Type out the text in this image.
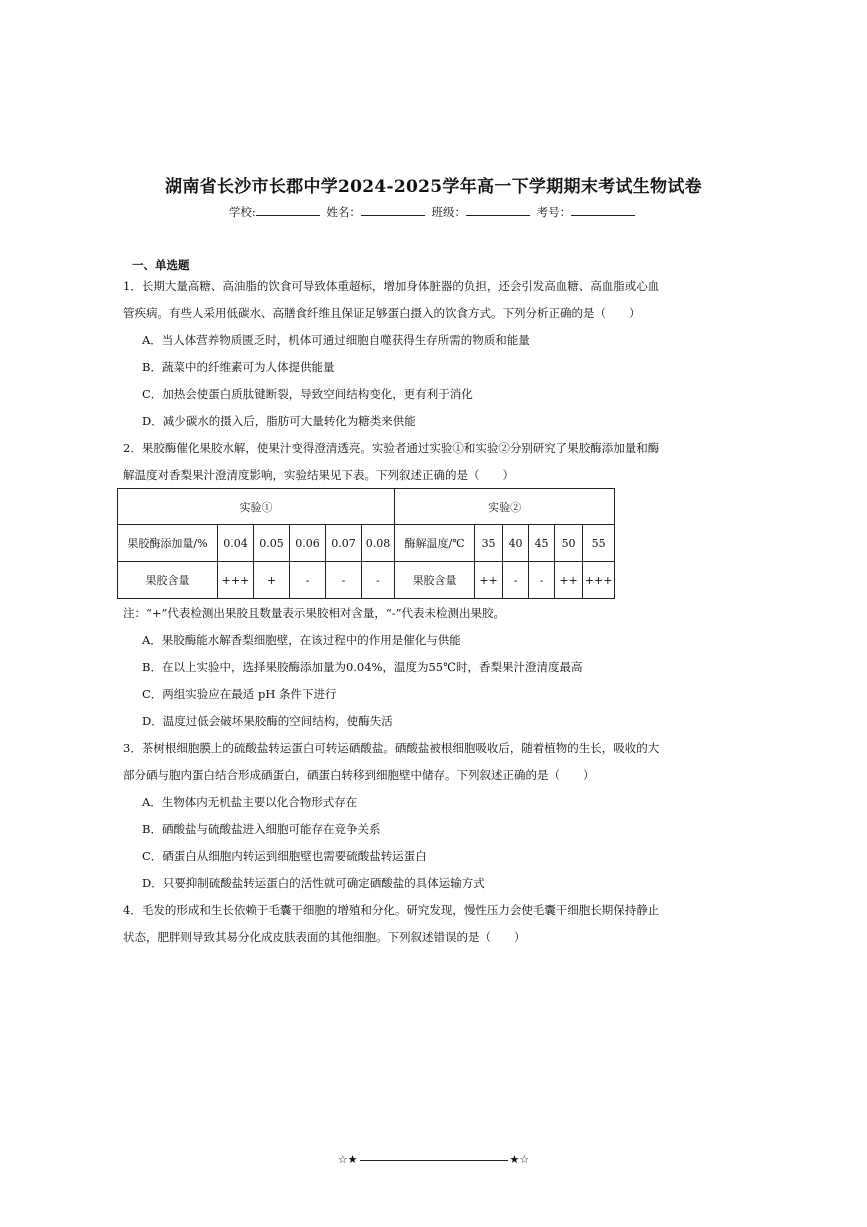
湖南省长沙市长郡中学2024-2025学年高一下学期期末考试生物试卷
学校:	姓名：	班级：	考号：
一、单选题
1．长期大量高糖、高油脂的饮食可导致体重超标，增加身体脏器的负担，还会引发高血糖、高血脂或心血
管疾病。有些人采用低碳水、高膳食纤维且保证足够蛋白摄入的饮食方式。下列分析正确的是（　　）
A．当人体营养物质匮乏时，机体可通过细胞自噬获得生存所需的物质和能量
B．蔬菜中的纤维素可为人体提供能量
C．加热会使蛋白质肽键断裂，导致空间结构变化，更有利于消化
D．减少碳水的摄入后，脂肪可大量转化为糖类来供能
2．果胶酶催化果胶水解，使果汁变得澄清透亮。实验者通过实验①和实验②分别研究了果胶酶添加量和酶
解温度对香梨果汁澄清度影响，实验结果见下表。下列叙述正确的是（　　）
实验①						实验②					
果胶酶添加量/%	0.04	0.05	0.06	0.07	0.08	酶解温度/℃	35	40	45	50	55
果胶含量	+++	+	-	-	-	果胶含量	++	-	-	++	+++
注：“+”代表检测出果胶且数量表示果胶相对含量，“-”代表未检测出果胶。
A．果胶酶能水解香梨细胞壁，在该过程中的作用是催化与供能
B．在以上实验中，选择果胶酶添加量为0.04%，温度为55℃时，香梨果汁澄清度最高
C．两组实验应在最适 pH 条件下进行
D．温度过低会破坏果胶酶的空间结构，使酶失活
3．茶树根细胞膜上的硫酸盐转运蛋白可转运硒酸盐。硒酸盐被根细胞吸收后，随着植物的生长，吸收的大
部分硒与胞内蛋白结合形成硒蛋白，硒蛋白转移到细胞壁中储存。下列叙述正确的是（　　）
A．生物体内无机盐主要以化合物形式存在
B．硒酸盐与硫酸盐进入细胞可能存在竞争关系
C．硒蛋白从细胞内转运到细胞壁也需要硫酸盐转运蛋白
D．只要抑制硫酸盐转运蛋白的活性就可确定硒酸盐的具体运输方式
4．毛发的形成和生长依赖于毛囊干细胞的增殖和分化。研究发现，慢性压力会使毛囊干细胞长期保持静止
状态，肥胖则导致其易分化成皮肤表面的其他细胞。下列叙述错误的是（　　）
☆★	★☆
